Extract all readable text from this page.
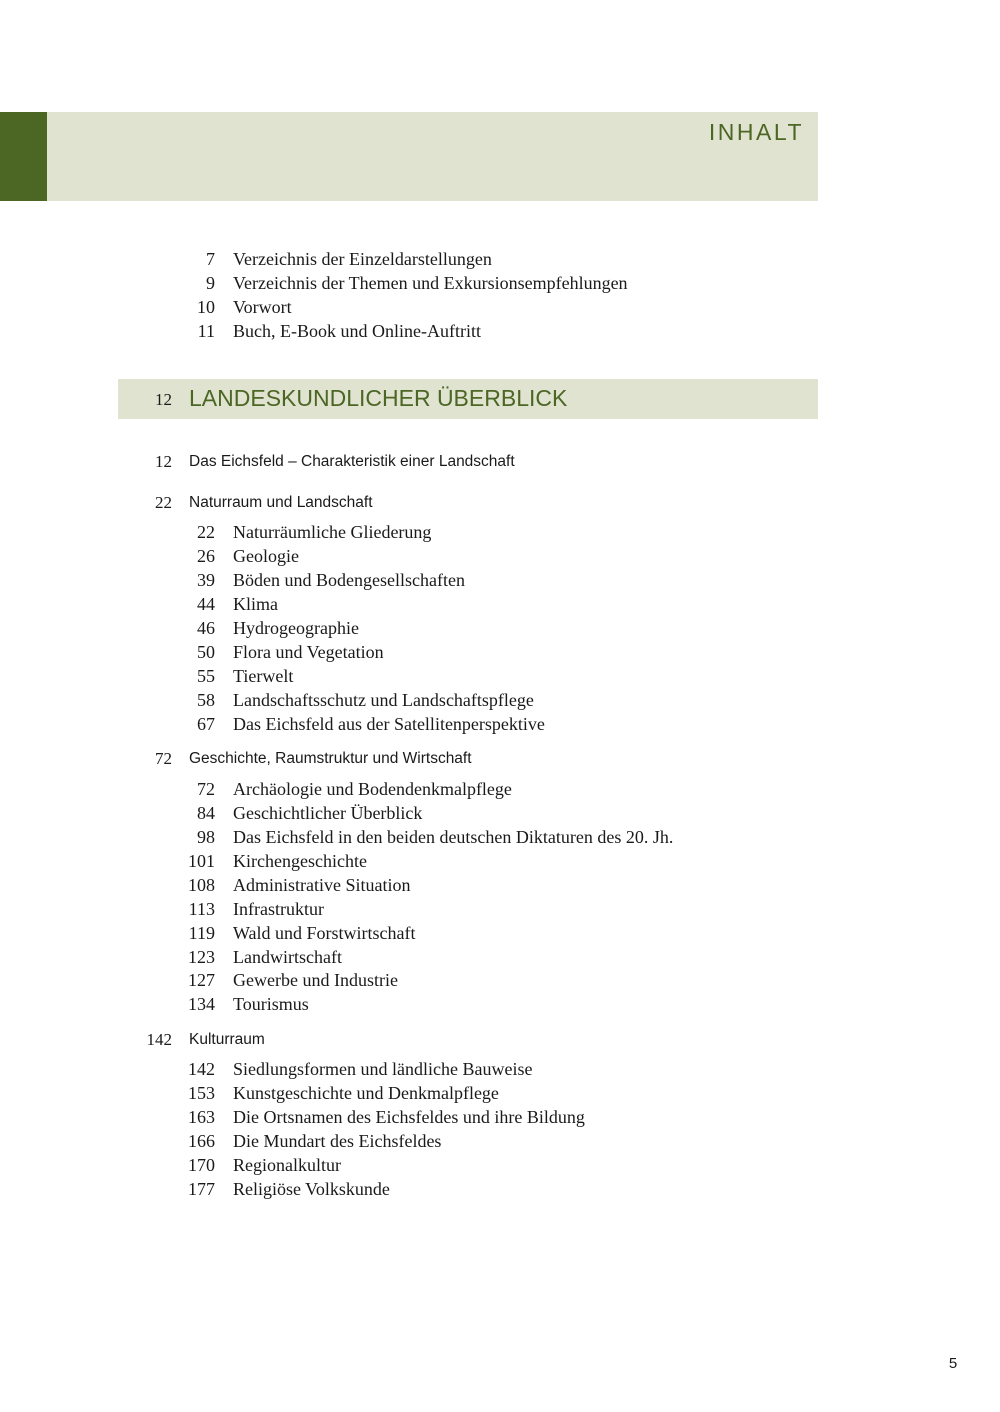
INHALT
7 Verzeichnis der Einzeldarstellungen
9 Verzeichnis der Themen und Exkursionsempfehlungen
10 Vorwort
11 Buch, E-Book und Online-Auftritt
12 LANDESKUNDLICHER ÜBERBLICK
12 Das Eichsfeld – Charakteristik einer Landschaft
22 Naturraum und Landschaft
22 Naturräumliche Gliederung
26 Geologie
39 Böden und Bodengesellschaften
44 Klima
46 Hydrogeographie
50 Flora und Vegetation
55 Tierwelt
58 Landschaftsschutz und Landschaftspflege
67 Das Eichsfeld aus der Satellitenperspektive
72 Geschichte, Raumstruktur und Wirtschaft
72 Archäologie und Bodendenkmalpflege
84 Geschichtlicher Überblick
98 Das Eichsfeld in den beiden deutschen Diktaturen des 20. Jh.
101 Kirchengeschichte
108 Administrative Situation
113 Infrastruktur
119 Wald und Forstwirtschaft
123 Landwirtschaft
127 Gewerbe und Industrie
134 Tourismus
142 Kulturraum
142 Siedlungsformen und ländliche Bauweise
153 Kunstgeschichte und Denkmalpflege
163 Die Ortsnamen des Eichsfeldes und ihre Bildung
166 Die Mundart des Eichsfeldes
170 Regionalkultur
177 Religiöse Volkskunde
5
